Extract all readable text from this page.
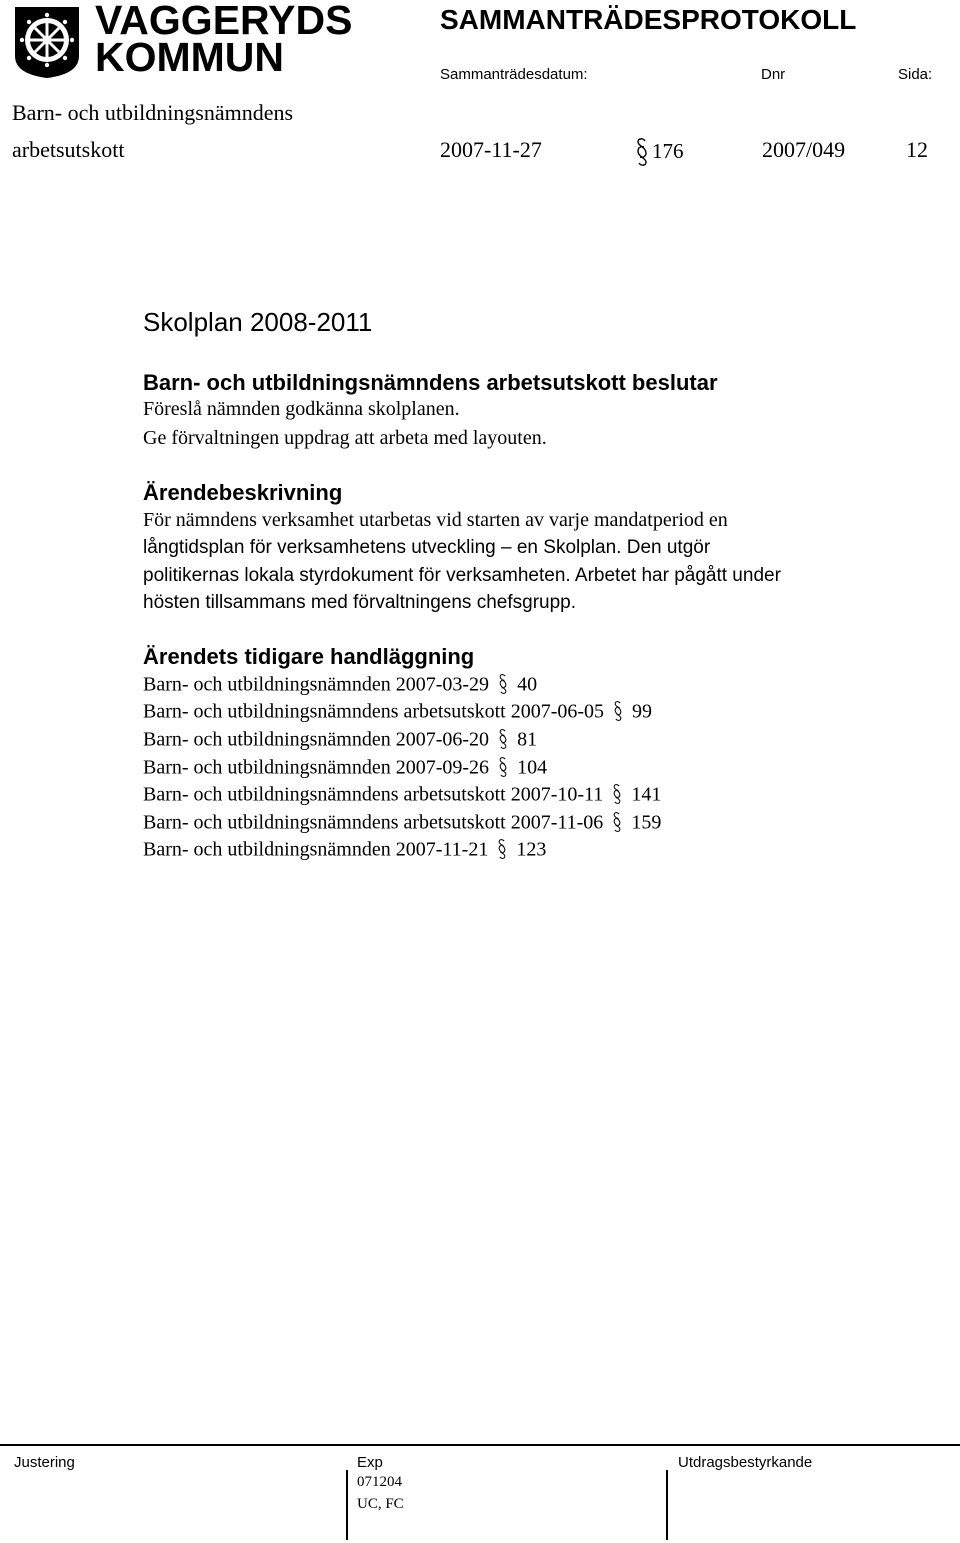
VAGGERYDS
KOMMUN
SAMMANTRÄDESPROTOKOLL
Sammanträdesdatum:	Dnr	Sida:
Barn- och utbildningsnämndens
arbetsutskott	2007-11-27	176	2007/049	12
Skolplan 2008-2011
Barn- och utbildningsnämndens arbetsutskott beslutar
Föreslå nämnden godkänna skolplanen.
Ge förvaltningen uppdrag att arbeta med layouten.
Ärendebeskrivning
För nämndens verksamhet utarbetas vid starten av varje mandatperiod en
långtidsplan för verksamhetens utveckling – en Skolplan. Den utgör
politikernas lokala styrdokument för verksamheten. Arbetet har pågått under
hösten tillsammans med förvaltningens chefsgrupp.
Ärendets tidigare handläggning
Barn- och utbildningsnämnden 2007-03-29 40
Barn- och utbildningsnämndens arbetsutskott 2007-06-05 99
Barn- och utbildningsnämnden 2007-06-20 81
Barn- och utbildningsnämnden 2007-09-26 104
Barn- och utbildningsnämndens arbetsutskott 2007-10-11 141
Barn- och utbildningsnämndens arbetsutskott 2007-11-06 159
Barn- och utbildningsnämnden 2007-11-21 123
Justering	Exp
071204
UC, FC
Utdragsbestyrkande
